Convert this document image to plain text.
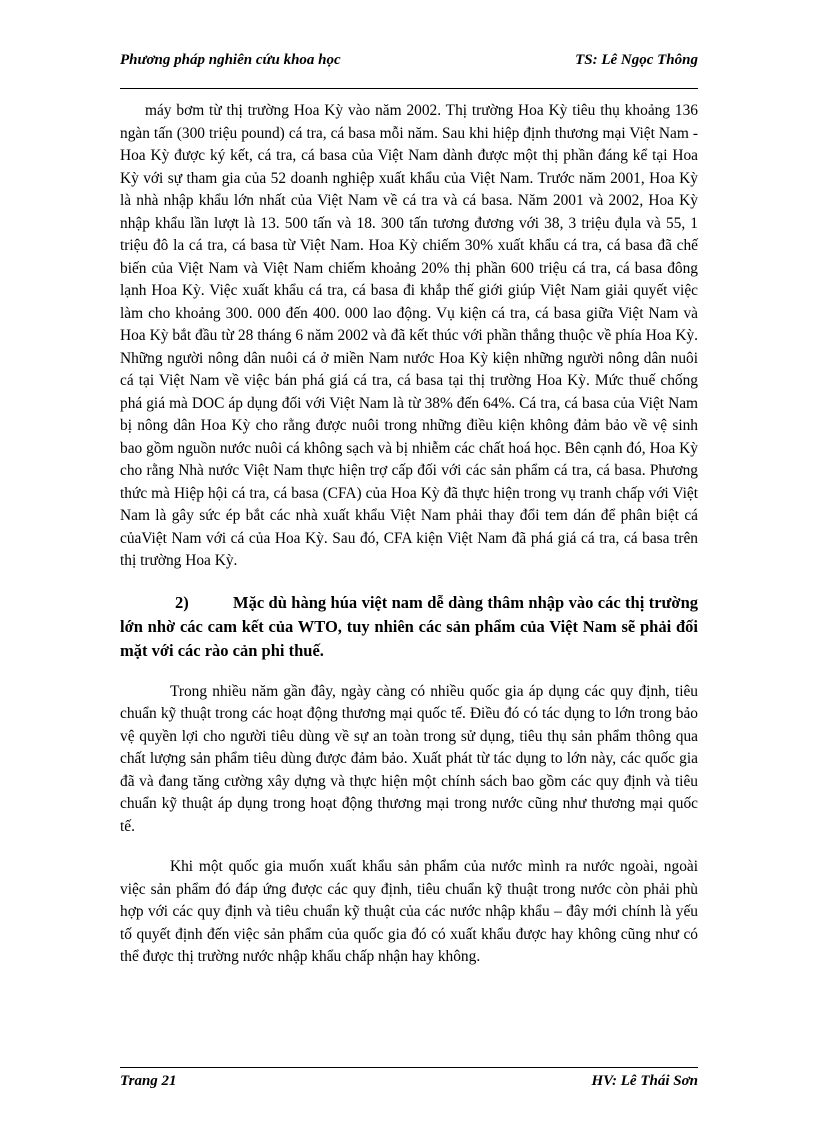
Phương pháp nghiên cứu khoa học	TS: Lê Ngọc Thông

máy bơm từ thị trường Hoa Kỳ vào năm 2002. Thị trường Hoa Kỳ tiêu thụ khoảng 136 ngàn tấn (300 triệu pound) cá tra, cá basa mỗi năm. Sau khi hiệp định thương mại Việt Nam - Hoa Kỳ được ký kết, cá tra, cá basa của Việt Nam dành được một thị phần đáng kể tại Hoa Kỳ với sự tham gia của 52 doanh nghiệp xuất khẩu của Việt Nam. Trước năm 2001, Hoa Kỳ là nhà nhập khẩu lớn nhất của Việt Nam về cá tra và cá basa. Năm 2001 và 2002, Hoa Kỳ nhập khẩu lần lượt là 13. 500 tấn và 18. 300 tấn tương đương với 38, 3 triệu đụla và 55, 1 triệu đô la cá tra, cá basa từ Việt Nam. Hoa Kỳ chiếm 30% xuất khẩu cá tra, cá basa đã chế biến của Việt Nam và Việt Nam chiếm khoảng 20% thị phần 600 triệu cá tra, cá basa đông lạnh Hoa Kỳ. Việc xuất khẩu cá tra, cá basa đi khắp thế giới giúp Việt Nam giải quyết việc làm cho khoảng 300. 000 đến 400. 000 lao động. Vụ kiện cá tra, cá basa giữa Việt Nam và Hoa Kỳ bắt đầu từ 28 tháng 6 năm 2002 và đã kết thúc với phần thắng thuộc về phía Hoa Kỳ. Những người nông dân nuôi cá ở miền Nam nước Hoa Kỳ kiện những người nông dân nuôi cá tại Việt Nam về việc bán phá giá cá tra, cá basa tại thị trường Hoa Kỳ. Mức thuế chống phá giá mà DOC áp dụng đối với Việt Nam là từ 38% đến 64%. Cá tra, cá basa của Việt Nam bị nông dân Hoa Kỳ cho rằng được nuôi trong những điều kiện không đảm bảo về vệ sinh bao gồm nguồn nước nuôi cá không sạch và bị nhiễm các chất hoá học. Bên cạnh đó, Hoa Kỳ cho rằng Nhà nước Việt Nam thực hiện trợ cấp đối với các sản phẩm cá tra, cá basa. Phương thức mà Hiệp hội cá tra, cá basa (CFA) của Hoa Kỳ đã thực hiện trong vụ tranh chấp với Việt Nam là gây sức ép bắt các nhà xuất khẩu Việt Nam phải thay đổi tem dán để phân biệt cá củaViệt Nam với cá của Hoa Kỳ. Sau đó, CFA kiện Việt Nam đã phá giá cá tra, cá basa trên thị trường Hoa Kỳ.

2)	Mặc dù hàng húa việt nam dễ dàng thâm nhập vào các thị trường lớn nhờ các cam kết của WTO, tuy nhiên các sản phẩm của Việt Nam sẽ phải đối mặt với các rào cản phi thuế.

Trong nhiều năm gần đây, ngày càng có nhiều quốc gia áp dụng các quy định, tiêu chuẩn kỹ thuật trong các hoạt động thương mại quốc tế. Điều đó có tác dụng to lớn trong bảo vệ quyền lợi cho người tiêu dùng về sự an toàn trong sử dụng, tiêu thụ sản phẩm thông qua chất lượng sản phẩm tiêu dùng được đảm bảo. Xuất phát từ tác dụng to lớn này, các quốc gia đã và đang tăng cường xây dựng và thực hiện một chính sách bao gồm các quy định và tiêu chuẩn kỹ thuật áp dụng trong hoạt động thương mại trong nước cũng như thương mại quốc tế.

Khi một quốc gia muốn xuất khẩu sản phẩm của nước mình ra nước ngoài, ngoài việc sản phẩm đó đáp ứng được các quy định, tiêu chuẩn kỹ thuật trong nước còn phải phù hợp với các quy định và tiêu chuẩn kỹ thuật của các nước nhập khẩu – đây mới chính là yếu tố quyết định đến việc sản phẩm của quốc gia đó có xuất khẩu được hay không cũng như có thể được thị trường nước nhập khẩu chấp nhận hay không.

Trang 21	HV: Lê Thái Sơn
